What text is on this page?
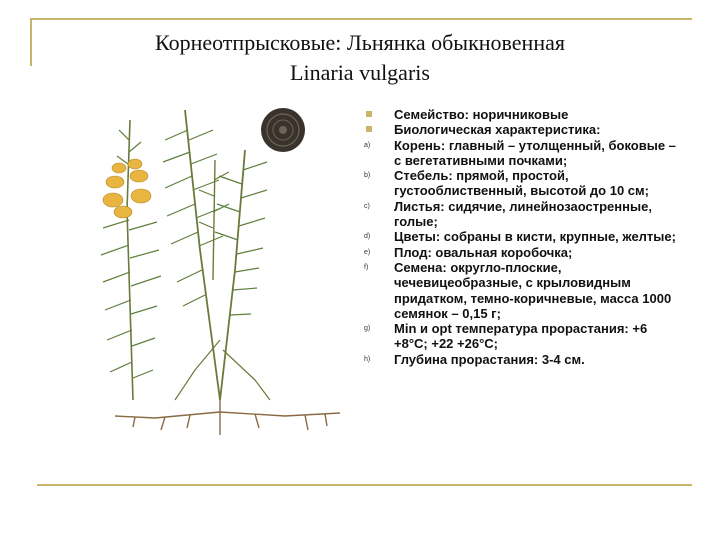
Корнеотпрысковые: Льнянка обыкновенная
Linaria vulgaris
Семейство: норичниковые
Биологическая характеристика:
a) Корень: главный – утолщенный, боковые – с вегетативными почками;
b) Стебель: прямой, простой, густооблиственный, высотой до 10 см;
c) Листья: сидячие, линейнозаостренные, голые;
d) Цветы: собраны в кисти, крупные, желтые;
e) Плод: овальная коробочка;
f) Семена: округло-плоские, чечевицеобразные, с крыловидным придатком, темно-коричневые, масса 1000 семянок – 0,15 г;
g) Min и opt температура прорастания: +6 +8°С; +22 +26°С;
h) Глубина прорастания: 3-4 см.
